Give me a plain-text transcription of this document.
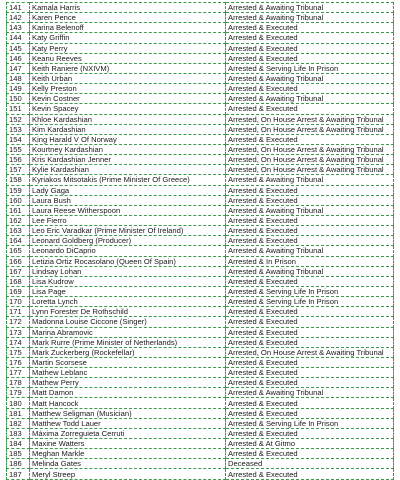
141	Kamala Harris	Arrested & Awaiting Tribunal
142	Karen Pence	Arrested & Awaiting Tribunal
143	Karina Belenoff	Arrested & Executed
144	Katy Griffin	Arrested & Executed
145	Katy Perry	Arrested & Executed
146	Keanu Reeves	Arrested & Executed
147	Keith Raniere (NXIVM)	Arrested & Serving Life In Prison
148	Keith Urban	Arrested & Awaiting Tribunal
149	Kelly Preston	Arrested & Executed
150	Kevin Costner	Arrested & Awaiting Tribunal
151	Kevin Spacey	Arrested & Executed
152	Khloe Kardashian	Arrested, On House Arrest & Awaiting Tribunal
153	Kim Kardashian	Arrested, On House Arrest & Awaiting Tribunal
154	King Harald V Of Norway	Arrested & Executed
155	Kourtney Kardashian	Arrested, On House Arrest & Awaiting Tribunal
156	Kris Kardashian Jenner	Arrested, On House Arrest & Awaiting Tribunal
157	Kylie Kardashian	Arrested, On House Arrest & Awaiting Tribunal
158	Kyriakos Mitsotakis (Prime Minister Of Greece)	Arrested & Awaiting Tribunal
159	Lady Gaga	Arrested & Executed
160	Laura Bush	Arrested & Executed
161	Laura Reese Witherspoon	Arrested & Awaiting Tribunal
162	Lee Fierro	Arrested & Executed
163	Leo Eric Varadkar (Prime Minister Of Ireland)	Arrested & Executed
164	Leonard Goldberg (Producer)	Arrested & Executed
165	Leonardo DiCaprio	Arrested & Awaiting Tribunal
166	Letizia Ortiz Rocasolano (Queen Of Spain)	Arrested & In Prison
167	Lindsay Lohan	Arrested & Awaiting Tribunal
168	Lisa Kudrow	Arrested & Executed
169	Lisa Page	Arrested & Serving Life In Prison
170	Loretta Lynch	Arrested & Serving Life In Prison
171	Lynn Forester De Rothschild	Arrested & Executed
172	Madonna Louise Ciccone (Singer)	Arrested & Executed
173	Marina Abramovic	Arrested & Executed
174	Mark Rurre (Prime Minister of Netherlands)	Arrested & Executed
175	Mark Zuckerberg (Rockefellar)	Arrested, On House Arrest & Awaiting Tribunal
176	Martin Scorsese	Arrested & Executed
177	Mathew Leblanc	Arrested & Executed
178	Mathew Perry	Arrested & Executed
179	Matt Damon	Arrested & Awaiting Tribunal
180	Matt Hancock	Arrested & Executed
181	Matthew Seligman (Musician)	Arrested & Executed
182	Matthew Todd Lauer	Arrested & Serving Life In Prison
183	Máxima Zorreguieta Cerruti	Arrested & Executed
184	Maxine Watters	Arrested & At Gitmo
185	Meghan Markle	Arrested & Executed
186	Melinda Gates	Deceased
187	Meryl Streep	Arrested & Executed
